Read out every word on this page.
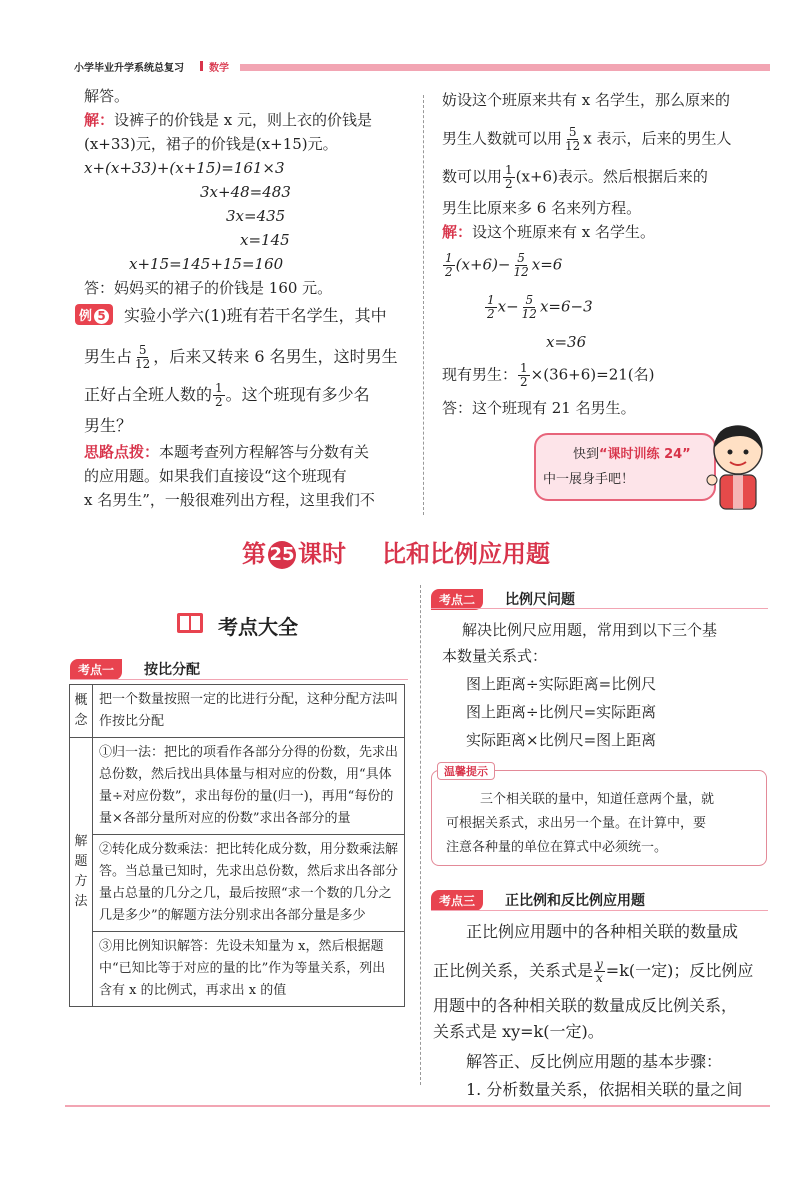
小学毕业升学系统总复习	数学
解答。
解：设裤子的价钱是 x 元，则上衣的价钱是
(x+33)元，裙子的价钱是(x+15)元。
x+(x+33)+(x+15)=161×3
3x+48=483
3x=435
x=145
x+15=145+15=160
答：妈妈买的裙子的价钱是 160 元。
例 5	实验小学六(1)班有若干名学生，其中
男生占 $\frac{5}{12}$ ，后来又转来 6 名男生，这时男生
正好占全班人数的 $\frac{1}{2}$ 。这个班现有多少名
男生？
思路点拨：本题考查列方程解答与分数有关
的应用题。如果我们直接设“这个班现有
x 名男生”，一般很难列出方程，这里我们不
妨设这个班原来共有 x 名学生，那么原来的
男生人数就可以用 $\frac{5}{12}$ x 表示，后来的男生人
数可以用 $\frac{1}{2} (x+6)$表示。然后根据后来的
男生比原来多 6 名来列方程。
解：设这个班原来有 x 名学生。
$\frac{1}{2} (x+6)- \frac{5}{12} x=6$
$\frac{1}{2} x- \frac{5}{12} x=6-3$
x=36
现有男生： $\frac{1}{2} \times(36+6)=21$(名)
答：这个班现有 21 名男生。
快到“课时训练 24”
中一展身手吧！
第 25 课时 比和比例应用题
考点大全
考点一	按比分配
概念	把一个数量按照一定的比进行分配，这种分配方法叫作按比分配
解题方法	①归一法：把比的项看作各部分分得的份数，先求出总份数，然后找出具体量与相对应的份数，用“具体量÷对应份数”，求出每份的量(归一)，再用“每份的量×各部分量所对应的份数”求出各部分的量
	②转化成分数乘法：把比转化成分数，用分数乘法解答。当总量已知时，先求出总份数，然后求出各部分量占总量的几分之几，最后按照“求一个数的几分之几是多少”的解题方法分别求出各部分量是多少
	③用比例知识解答：先设未知量为 x，然后根据题中“已知比等于对应的量的比”作为等量关系，列出含有 x 的比例式，再求出 x 的值
考点二	比例尺问题
解决比例尺应用题，常用到以下三个基
本数量关系式：
图上距离÷实际距离=比例尺
图上距离÷比例尺=实际距离
实际距离×比例尺=图上距离
温馨提示
三个相关联的量中，知道任意两个量，就
可根据关系式，求出另一个量。在计算中，要
注意各种量的单位在算式中必须统一。
考点三	正比例和反比例应用题
正比例应用题中的各种相关联的数量成
正比例关系，关系式是 $\frac{y}{x} =k$(一定)；反比例应
用题中的各种相关联的数量成反比例关系，
关系式是 xy=k(一定)。
解答正、反比例应用题的基本步骤：
1. 分析数量关系，依据相关联的量之间
